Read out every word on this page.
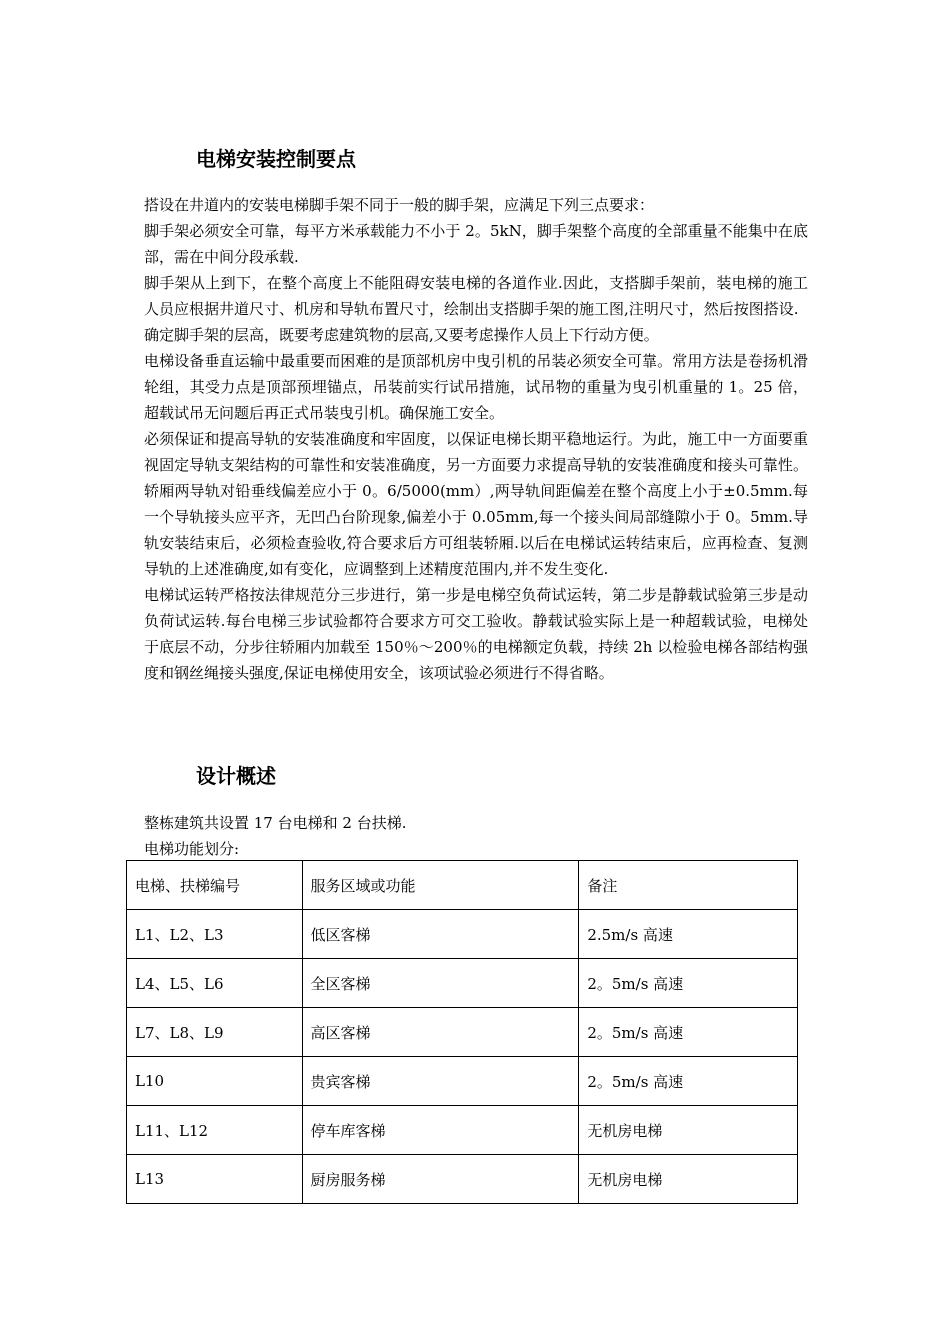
电梯安装控制要点

搭设在井道内的安装电梯脚手架不同于一般的脚手架，应满足下列三点要求：

脚手架必须安全可靠，每平方米承载能力不小于 2。5kN，脚手架整个高度的全部重量不能集中在底部，需在中间分段承载.

脚手架从上到下，在整个高度上不能阻碍安装电梯的各道作业.因此，支搭脚手架前，装电梯的施工人员应根据井道尺寸、机房和导轨布置尺寸，绘制出支搭脚手架的施工图,注明尺寸，然后按图搭设.

确定脚手架的层高，既要考虑建筑物的层高,又要考虑操作人员上下行动方便。

电梯设备垂直运输中最重要而困难的是顶部机房中曳引机的吊装必须安全可靠。常用方法是卷扬机滑轮组，其受力点是顶部预埋锚点，吊装前实行试吊措施，试吊物的重量为曳引机重量的 1。25 倍，超载试吊无问题后再正式吊装曳引机。确保施工安全。

必须保证和提高导轨的安装准确度和牢固度，以保证电梯长期平稳地运行。为此，施工中一方面要重视固定导轨支架结构的可靠性和安装准确度，另一方面要力求提高导轨的安装准确度和接头可靠性。轿厢两导轨对铅垂线偏差应小于 0。6/5000(mm）,两导轨间距偏差在整个高度上小于±0.5mm.每一个导轨接头应平齐，无凹凸台阶现象,偏差小于 0.05mm,每一个接头间局部缝隙小于 0。5mm.导轨安装结束后，必须检查验收,符合要求后方可组装轿厢.以后在电梯试运转结束后，应再检查、复测导轨的上述准确度,如有变化，应调整到上述精度范围内,并不发生变化.

电梯试运转严格按法律规范分三步进行，第一步是电梯空负荷试运转，第二步是静载试验第三步是动负荷试运转.每台电梯三步试验都符合要求方可交工验收。静载试验实际上是一种超载试验，电梯处于底层不动，分步往轿厢内加载至 150％～200％的电梯额定负载，持续 2h 以检验电梯各部结构强度和钢丝绳接头强度,保证电梯使用安全，该项试验必须进行不得省略。

设计概述

整栋建筑共设置 17 台电梯和 2 台扶梯.

电梯功能划分:

电梯、扶梯编号	服务区域或功能	备注
L1、L2、L3	低区客梯	2.5m/s 高速
L4、L5、L6	全区客梯	2。5m/s 高速
L7、L8、L9	高区客梯	2。5m/s 高速
L10	贵宾客梯	2。5m/s 高速
L11、L12	停车库客梯	无机房电梯
L13	厨房服务梯	无机房电梯
